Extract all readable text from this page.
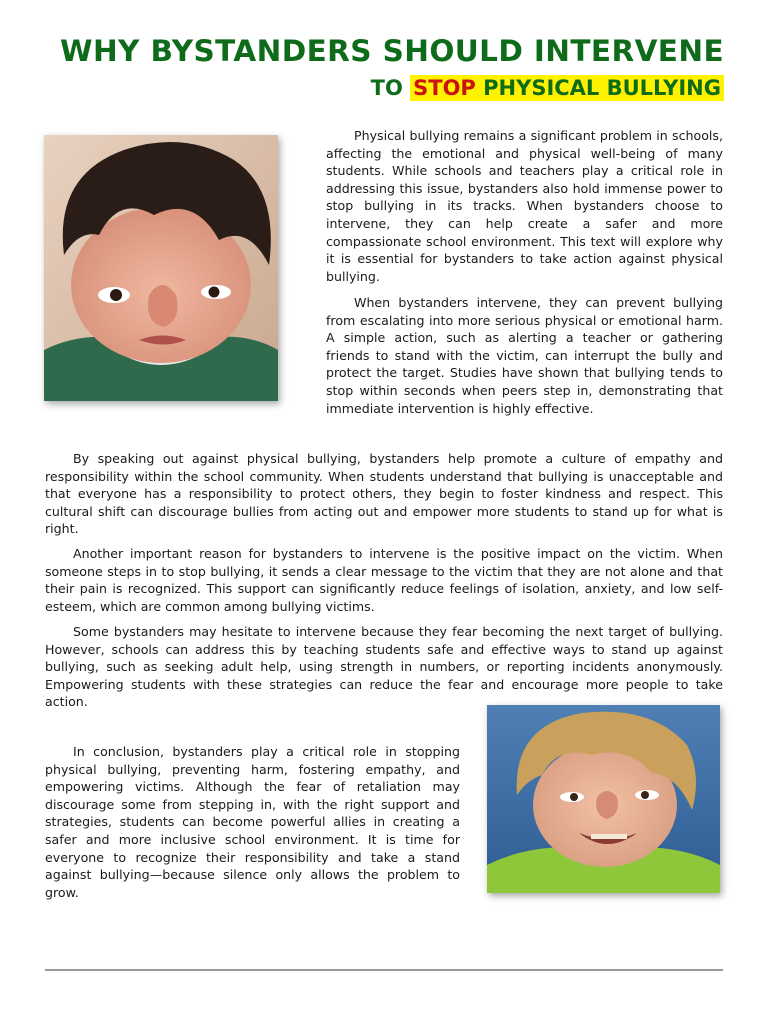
WHY BYSTANDERS SHOULD INTERVENE
TO STOP PHYSICAL BULLYING

Physical bullying remains a significant problem in schools, affecting the emotional and physical well-being of many students. While schools and teachers play a critical role in addressing this issue, bystanders also hold immense power to stop bullying in its tracks. When bystanders choose to intervene, they can help create a safer and more compassionate school environment. This text will explore why it is essential for bystanders to take action against physical bullying.

When bystanders intervene, they can prevent bullying from escalating into more serious physical or emotional harm. A simple action, such as alerting a teacher or gathering friends to stand with the victim, can interrupt the bully and protect the target. Studies have shown that bullying tends to stop within seconds when peers step in, demonstrating that immediate intervention is highly effective.

By speaking out against physical bullying, bystanders help promote a culture of empathy and responsibility within the school community. When students understand that bullying is unacceptable and that everyone has a responsibility to protect others, they begin to foster kindness and respect. This cultural shift can discourage bullies from acting out and empower more students to stand up for what is right.

Another important reason for bystanders to intervene is the positive impact on the victim. When someone steps in to stop bullying, it sends a clear message to the victim that they are not alone and that their pain is recognized. This support can significantly reduce feelings of isolation, anxiety, and low self-esteem, which are common among bullying victims.

Some bystanders may hesitate to intervene because they fear becoming the next target of bullying. However, schools can address this by teaching students safe and effective ways to stand up against bullying, such as seeking adult help, using strength in numbers, or reporting incidents anonymously. Empowering students with these strategies can reduce the fear and encourage more people to take action.

In conclusion, bystanders play a critical role in stopping physical bullying, preventing harm, fostering empathy, and empowering victims. Although the fear of retaliation may discourage some from stepping in, with the right support and strategies, students can become powerful allies in creating a safer and more inclusive school environment. It is time for everyone to recognize their responsibility and take a stand against bullying—because silence only allows the problem to grow.
